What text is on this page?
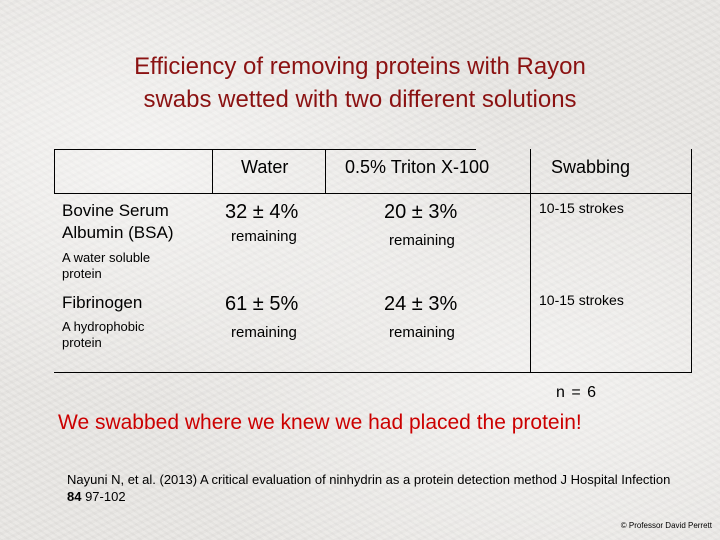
Efficiency of removing proteins with Rayon
swabs wetted with two different solutions
Water	0.5% Triton X-100	Swabbing
Bovine Serum Albumin (BSA)
A water soluble protein
32 ± 4%
remaining
20 ± 3%
remaining
10-15 strokes
Fibrinogen
A hydrophobic protein
61 ± 5%
remaining
24 ± 3%
remaining
10-15 strokes
n = 6
We swabbed where we knew we had placed the protein!
Nayuni N, et al. (2013) A critical evaluation of ninhydrin as a protein detection method J Hospital Infection 84 97-102
© Professor David Perrett
